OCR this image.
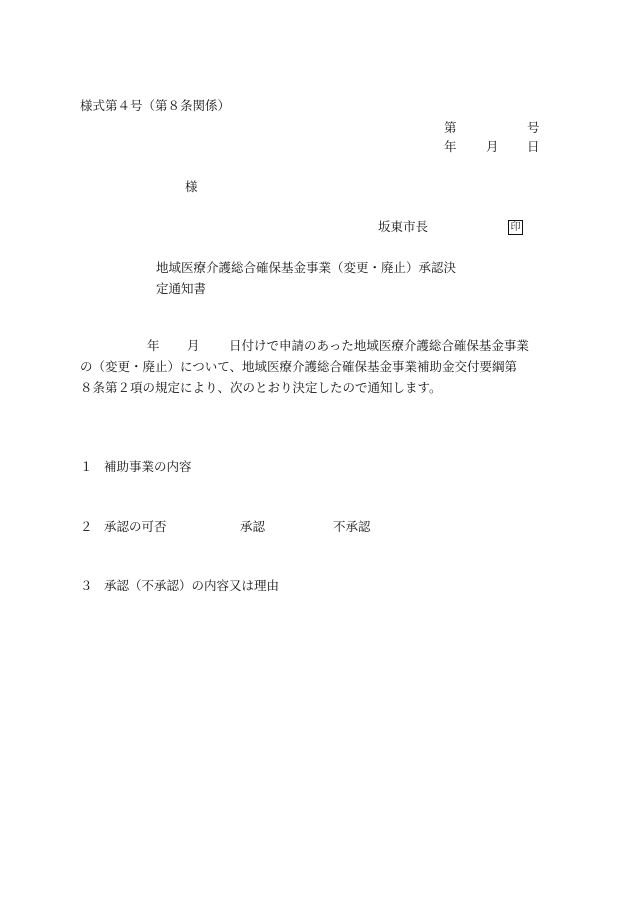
様式第４号（第８条関係）
第	号
年 月 日
様
坂東市長	印
地域医療介護総合確保基金事業（変更・廃止）承認決
定通知書
年 月 日付けで申請のあった地域医療介護総合確保基金事業
の（変更・廃止）について、地域医療介護総合確保基金事業補助金交付要綱第
８条第２項の規定により、次のとおり決定したので通知します。
１ 補助事業の内容
２ 承認の可否	承認	不承認
３ 承認（不承認）の内容又は理由
